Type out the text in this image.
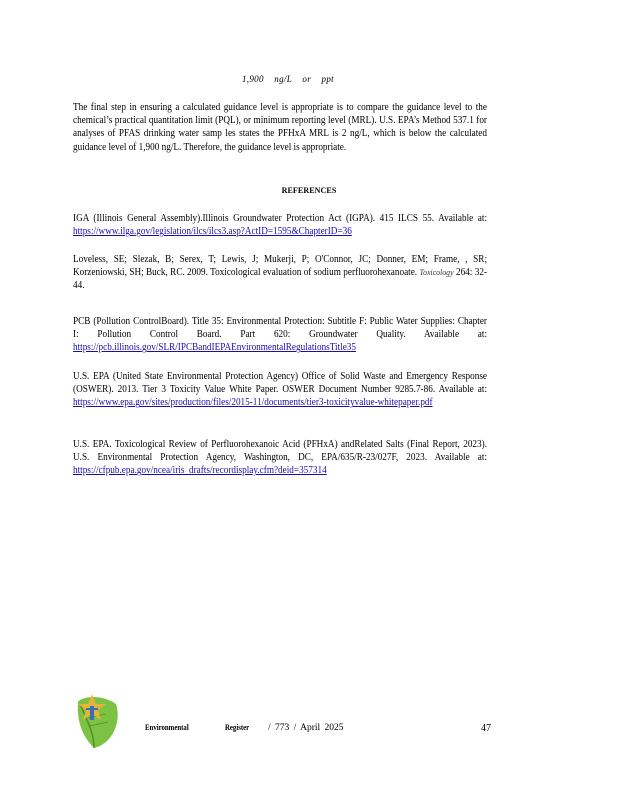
1,900 ng/L or ppt

The final step in ensuring a calculated guidance level is appropriate is to compare the guidance level to the chemical’s practical quantitation limit (PQL), or minimum reporting level (MRL). U.S. EPA’s Method 537.1 for analyses of PFAS drinking water samp les states the PFHxA MRL is 2 ng/L, which is below the calculated guidance level of 1,900 ng/L. Therefore, the guidance level is appropriate.

REFERENCES

IGA (Illinois General Assembly).Illinois Groundwater Protection Act (IGPA). 415 ILCS 55. Available at: https://www.ilga.gov/legislation/ilcs/ilcs3.asp?ActID=1595&ChapterID=36

Loveless, SE; Slezak, B; Serex, T; Lewis, J; Mukerji, P; O'Connor, JC; Donner, EM; Frame, , SR; Korzeniowski, SH; Buck, RC. 2009. Toxicological evaluation of sodium perfluorohexanoate. Toxicology 264: 32-44.

PCB (Pollution ControlBoard). Title 35: Environmental Protection: Subtitle F: Public Water Supplies: Chapter I: Pollution Control Board. Part 620: Groundwater Quality. Available at: https://pcb.illinois.gov/SLR/IPCBandIEPAEnvironmentalRegulationsTitle35

U.S. EPA (United State Environmental Protection Agency) Office of Solid Waste and Emergency Response (OSWER). 2013. Tier 3 Toxicity Value White Paper. OSWER Document Number 9285.7-86. Available at: https://www.epa.gov/sites/production/files/2015-11/documents/tier3-toxicityvalue-whitepaper.pdf

U.S. EPA. Toxicological Review of Perfluorohexanoic Acid (PFHxA) andRelated Salts (Final Report, 2023). U.S. Environmental Protection Agency, Washington, DC, EPA/635/R-23/027F, 2023. Available at: https://cfpub.epa.gov/ncea/iris_drafts/recordisplay.cfm?deid=357314

Environmental	Register / 773 / April 2025	47
